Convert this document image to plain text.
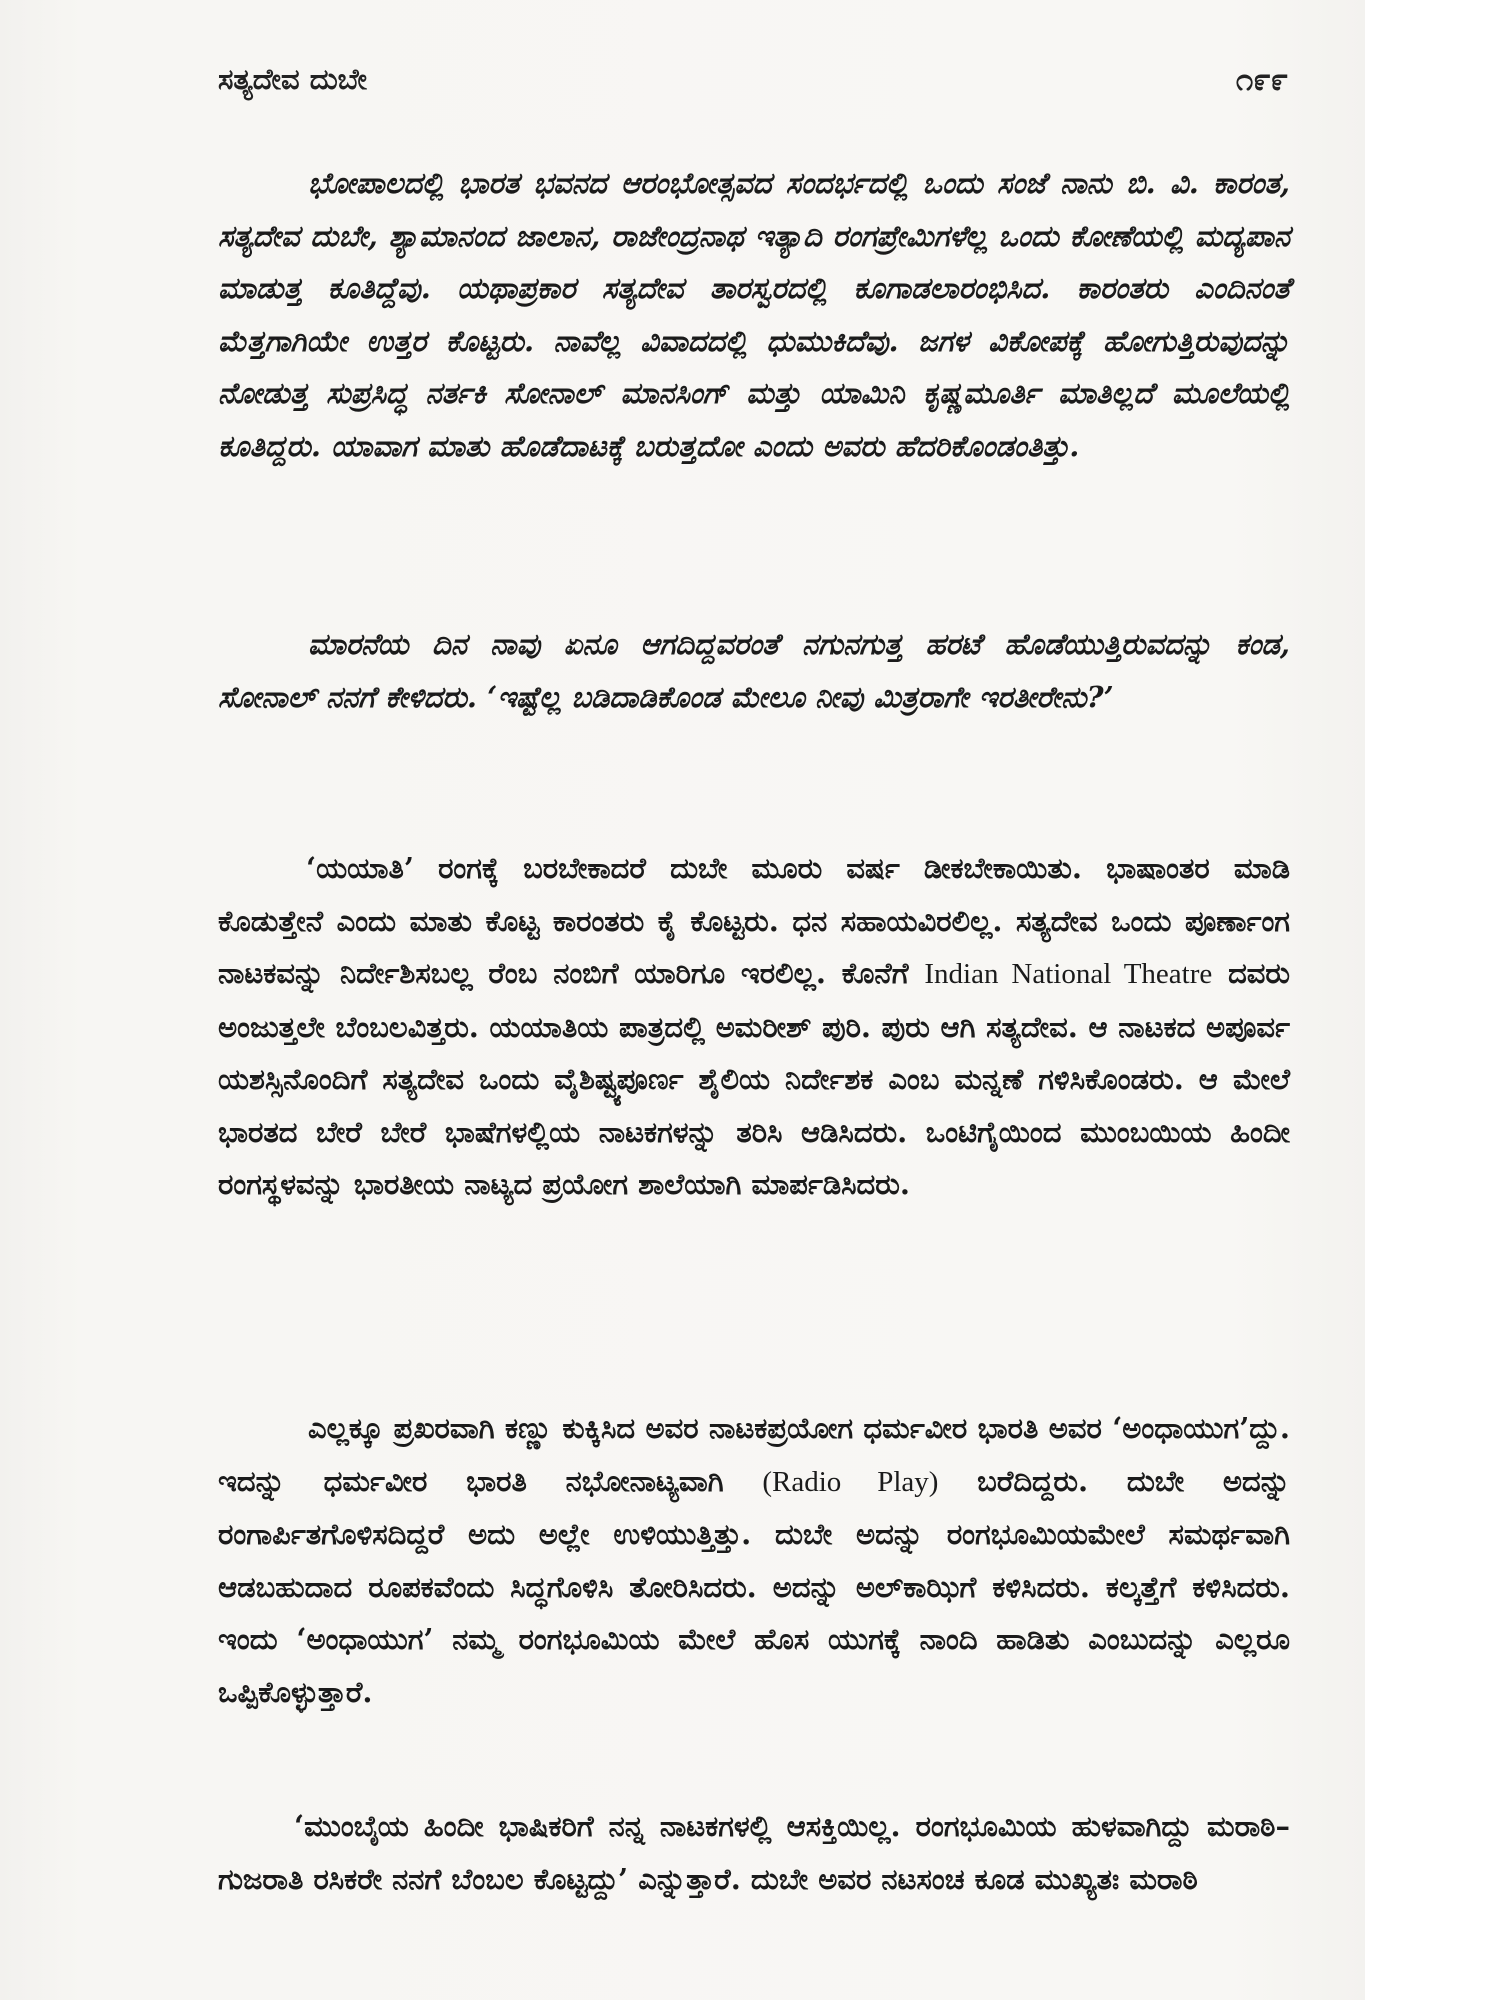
ಸತ್ಯದೇವ ದುಬೇ	೧೯೯

ಭೋಪಾಲದಲ್ಲಿ ಭಾರತ ಭವನದ ಆರಂಭೋತ್ಸವದ ಸಂದರ್ಭದಲ್ಲಿ ಒಂದು ಸಂಜೆ ನಾನು ಬಿ. ವಿ. ಕಾರಂತ, ಸತ್ಯದೇವ ದುಬೇ, ಶ್ಯಾಮಾನಂದ ಜಾಲಾನ, ರಾಜೇಂದ್ರನಾಥ ಇತ್ಯಾದಿ ರಂಗಪ್ರೇಮಿಗಳೆಲ್ಲ ಒಂದು ಕೋಣೆಯಲ್ಲಿ ಮದ್ಯಪಾನ ಮಾಡುತ್ತ ಕೂತಿದ್ದೆವು. ಯಥಾಪ್ರಕಾರ ಸತ್ಯದೇವ ತಾರಸ್ವರದಲ್ಲಿ ಕೂಗಾಡಲಾರಂಭಿಸಿದ. ಕಾರಂತರು ಎಂದಿನಂತೆ ಮೆತ್ತಗಾಗಿಯೇ ಉತ್ತರ ಕೊಟ್ಟರು. ನಾವೆಲ್ಲ ವಿವಾದದಲ್ಲಿ ಧುಮುಕಿದೆವು. ಜಗಳ ವಿಕೋಪಕ್ಕೆ ಹೋಗುತ್ತಿರುವುದನ್ನು ನೋಡುತ್ತ ಸುಪ್ರಸಿದ್ಧ ನರ್ತಕಿ ಸೋನಾಲ್ ಮಾನಸಿಂಗ್ ಮತ್ತು ಯಾಮಿನಿ ಕೃಷ್ಣಮೂರ್ತಿ ಮಾತಿಲ್ಲದೆ ಮೂಲೆಯಲ್ಲಿ ಕೂತಿದ್ದರು. ಯಾವಾಗ ಮಾತು ಹೊಡೆದಾಟಕ್ಕೆ ಬರುತ್ತದೋ ಎಂದು ಅವರು ಹೆದರಿಕೊಂಡಂತಿತ್ತು.

ಮಾರನೆಯ ದಿನ ನಾವು ಏನೂ ಆಗದಿದ್ದವರಂತೆ ನಗುನಗುತ್ತ ಹರಟೆ ಹೊಡೆಯುತ್ತಿರುವದನ್ನು ಕಂಡ, ಸೋನಾಲ್ ನನಗೆ ಕೇಳಿದರು. ‘ಇಷ್ಟೆಲ್ಲ ಬಡಿದಾಡಿಕೊಂಡ ಮೇಲೂ ನೀವು ಮಿತ್ರರಾಗೇ ಇರತೀರೇನು?’

‘ಯಯಾತಿ’ ರಂಗಕ್ಕೆ ಬರಬೇಕಾದರೆ ದುಬೇ ಮೂರು ವರ್ಷ ಡೀಕಬೇಕಾಯಿತು. ಭಾಷಾಂತರ ಮಾಡಿ ಕೊಡುತ್ತೇನೆ ಎಂದು ಮಾತು ಕೊಟ್ಟ ಕಾರಂತರು ಕೈ ಕೊಟ್ಟರು. ಧನ ಸಹಾಯವಿರಲಿಲ್ಲ. ಸತ್ಯದೇವ ಒಂದು ಪೂರ್ಣಾಂಗ ನಾಟಕವನ್ನು ನಿರ್ದೇಶಿಸಬಲ್ಲ ರೆಂಬ ನಂಬಿಗೆ ಯಾರಿಗೂ ಇರಲಿಲ್ಲ. ಕೊನೆಗೆ Indian National Theatre ದವರು ಅಂಜುತ್ತಲೇ ಬೆಂಬಲವಿತ್ತರು. ಯಯಾತಿಯ ಪಾತ್ರದಲ್ಲಿ ಅಮರೀಶ್ ಪುರಿ. ಪುರು ಆಗಿ ಸತ್ಯದೇವ. ಆ ನಾಟಕದ ಅಪೂರ್ವ ಯಶಸ್ಸಿನೊಂದಿಗೆ ಸತ್ಯದೇವ ಒಂದು ವೈಶಿಷ್ಟ್ಯಪೂರ್ಣ ಶೈಲಿಯ ನಿರ್ದೇಶಕ ಎಂಬ ಮನ್ನಣೆ ಗಳಿಸಿಕೊಂಡರು. ಆ ಮೇಲೆ ಭಾರತದ ಬೇರೆ ಬೇರೆ ಭಾಷೆಗಳಲ್ಲಿಯ ನಾಟಕಗಳನ್ನು ತರಿಸಿ ಆಡಿಸಿದರು. ಒಂಟಿಗೈಯಿಂದ ಮುಂಬಯಿಯ ಹಿಂದೀ ರಂಗಸ್ಥಳವನ್ನು ಭಾರತೀಯ ನಾಟ್ಯದ ಪ್ರಯೋಗ ಶಾಲೆಯಾಗಿ ಮಾರ್ಪಡಿಸಿದರು.

ಎಲ್ಲಕ್ಕೂ ಪ್ರಖರವಾಗಿ ಕಣ್ಣು ಕುಕ್ಕಿಸಿದ ಅವರ ನಾಟಕಪ್ರಯೋಗ ಧರ್ಮವೀರ ಭಾರತಿ ಅವರ ‘ಅಂಧಾಯುಗ’ದ್ದು. ಇದನ್ನು ಧರ್ಮವೀರ ಭಾರತಿ ನಭೋನಾಟ್ಯವಾಗಿ (Radio Play) ಬರೆದಿದ್ದರು. ದುಬೇ ಅದನ್ನು ರಂಗಾರ್ಪಿತಗೊಳಿಸದಿದ್ದರೆ ಅದು ಅಲ್ಲೇ ಉಳಿಯುತ್ತಿತ್ತು. ದುಬೇ ಅದನ್ನು ರಂಗಭೂಮಿಯಮೇಲೆ ಸಮರ್ಥವಾಗಿ ಆಡಬಹುದಾದ ರೂಪಕವೆಂದು ಸಿದ್ಧಗೊಳಿಸಿ ತೋರಿಸಿದರು. ಅದನ್ನು ಅಲ್‌ಕಾಝಿಗೆ ಕಳಿಸಿದರು. ಕಲ್ಕತ್ತೆಗೆ ಕಳಿಸಿದರು. ಇಂದು ‘ಅಂಧಾಯುಗ’ ನಮ್ಮ ರಂಗಭೂಮಿಯ ಮೇಲೆ ಹೊಸ ಯುಗಕ್ಕೆ ನಾಂದಿ ಹಾಡಿತು ಎಂಬುದನ್ನು ಎಲ್ಲರೂ ಒಪ್ಪಿಕೊಳ್ಳುತ್ತಾರೆ.

‘ಮುಂಬೈಯ ಹಿಂದೀ ಭಾಷಿಕರಿಗೆ ನನ್ನ ನಾಟಕಗಳಲ್ಲಿ ಆಸಕ್ತಿಯಿಲ್ಲ. ರಂಗಭೂಮಿಯ ಹುಳವಾಗಿದ್ದು ಮರಾಠಿ–ಗುಜರಾತಿ ರಸಿಕರೇ ನನಗೆ ಬೆಂಬಲ ಕೊಟ್ಟದ್ದು’ ಎನ್ನುತ್ತಾರೆ. ದುಬೇ ಅವರ ನಟಸಂಚ ಕೂಡ ಮುಖ್ಯತಃ ಮರಾಠಿ
